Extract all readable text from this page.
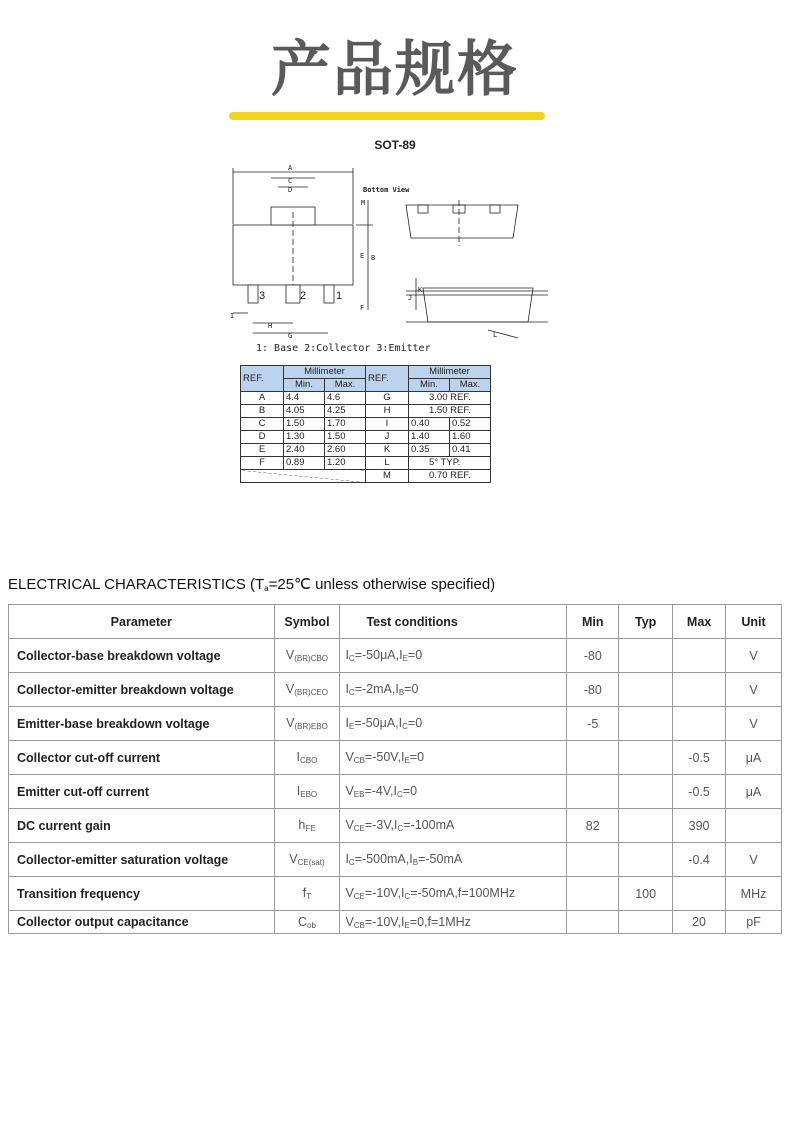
产品规格
SOT-89
Bottom View
A
C
D
B
E
M
F
I
H
G
J
K
L
3	2	1
1: Base 2:Collector 3:Emitter
REF.	Millimeter		REF.	Millimeter	
	Min.	Max.		Min.	Max.
A	4.4	4.6	G	3.00 REF.	
B	4.05	4.25	H	1.50 REF.	
C	1.50	1.70	I	0.40	0.52
D	1.30	1.50	J	1.40	1.60
E	2.40	2.60	K	0.35	0.41
F	0.89	1.20	L	5° TYP.	
			M	0.70 REF.	
ELECTRICAL CHARACTERISTICS ($T_a=25℃$ unless otherwise specified)
Parameter	Symbol	Test conditions	Min	Typ	Max	Unit
Collector-base breakdown voltage	$V_{(BR)CBO}$	$I_C=-50\mu A,I_E=0$	-80			V
Collector-emitter breakdown voltage	$V_{(BR)CEO}$	$I_C=-2mA,I_B=0$	-80			V
Emitter-base breakdown voltage	$V_{(BR)EBO}$	$I_E=-50\mu A,I_C=0$	-5			V
Collector cut-off current	$I_{CBO}$	$V_{CB}=-50V,I_E=0$			-0.5	μA
Emitter cut-off current	$I_{EBO}$	$V_{EB}=-4V,I_C=0$			-0.5	μA
DC current gain	$h_{FE}$	$V_{CE}=-3V,I_C=-100mA$	82		390	
Collector-emitter saturation voltage	$V_{CE(sat)}$	$I_C=-500mA,I_B=-50mA$			-0.4	V
Transition frequency	$f_T$	$V_{CE}=-10V,I_C=-50mA,f=100MHz$		100		MHz
Collector output capacitance	$C_{ob}$	$V_{CB}=-10V,I_E=0,f=1MHz$			20	pF
